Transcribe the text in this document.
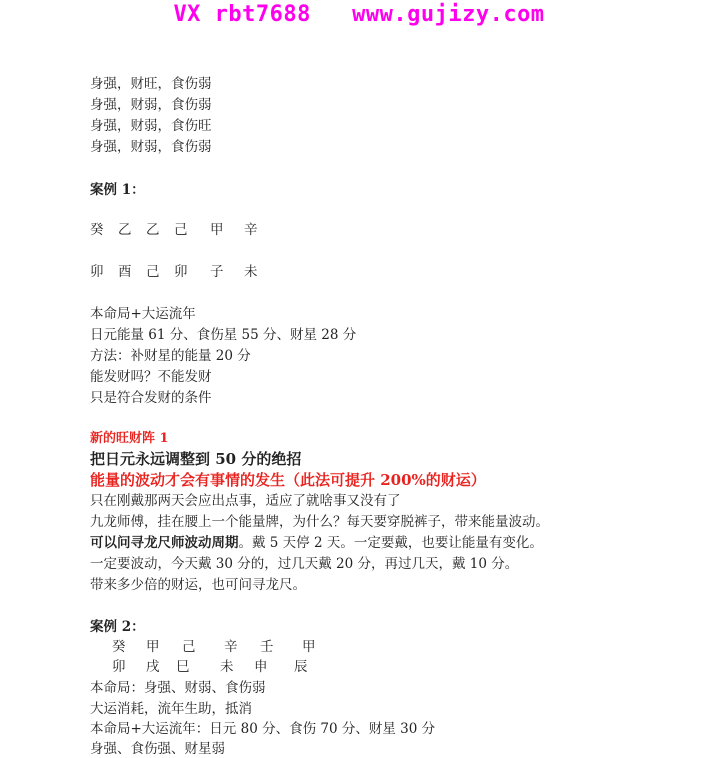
VX rbt7688   www.gujizy.com
身强，财旺，食伤弱
身强，财弱，食伤弱
身强，财弱，食伤旺
身强，财弱，食伤弱
案例 1：
癸 乙 乙 己 甲 辛
卯 酉 己 卯 子 未
本命局+大运流年
日元能量 61 分、食伤星 55 分、财星 28 分
方法：补财星的能量 20 分
能发财吗？不能发财
只是符合发财的条件
新的旺财阵 1
把日元永远调整到 50 分的绝招
能量的波动才会有事情的发生（此法可提升 200%的财运）
只在刚戴那两天会应出点事，适应了就啥事又没有了
九龙师傅，挂在腰上一个能量牌，为什么？每天要穿脱裤子，带来能量波动。
可以问寻龙尺师波动周期。戴 5 天停 2 天。一定要戴，也要让能量有变化。
一定要波动，今天戴 30 分的，过几天戴 20 分，再过几天，戴 10 分。
带来多少倍的财运，也可问寻龙尺。
案例 2：
癸 甲 己 辛 壬 甲
卯 戌 巳 未 申 辰
本命局：身强、财弱、食伤弱
大运消耗，流年生助，抵消
本命局+大运流年：日元 80 分、食伤 70 分、财星 30 分
身强、食伤强、财星弱
